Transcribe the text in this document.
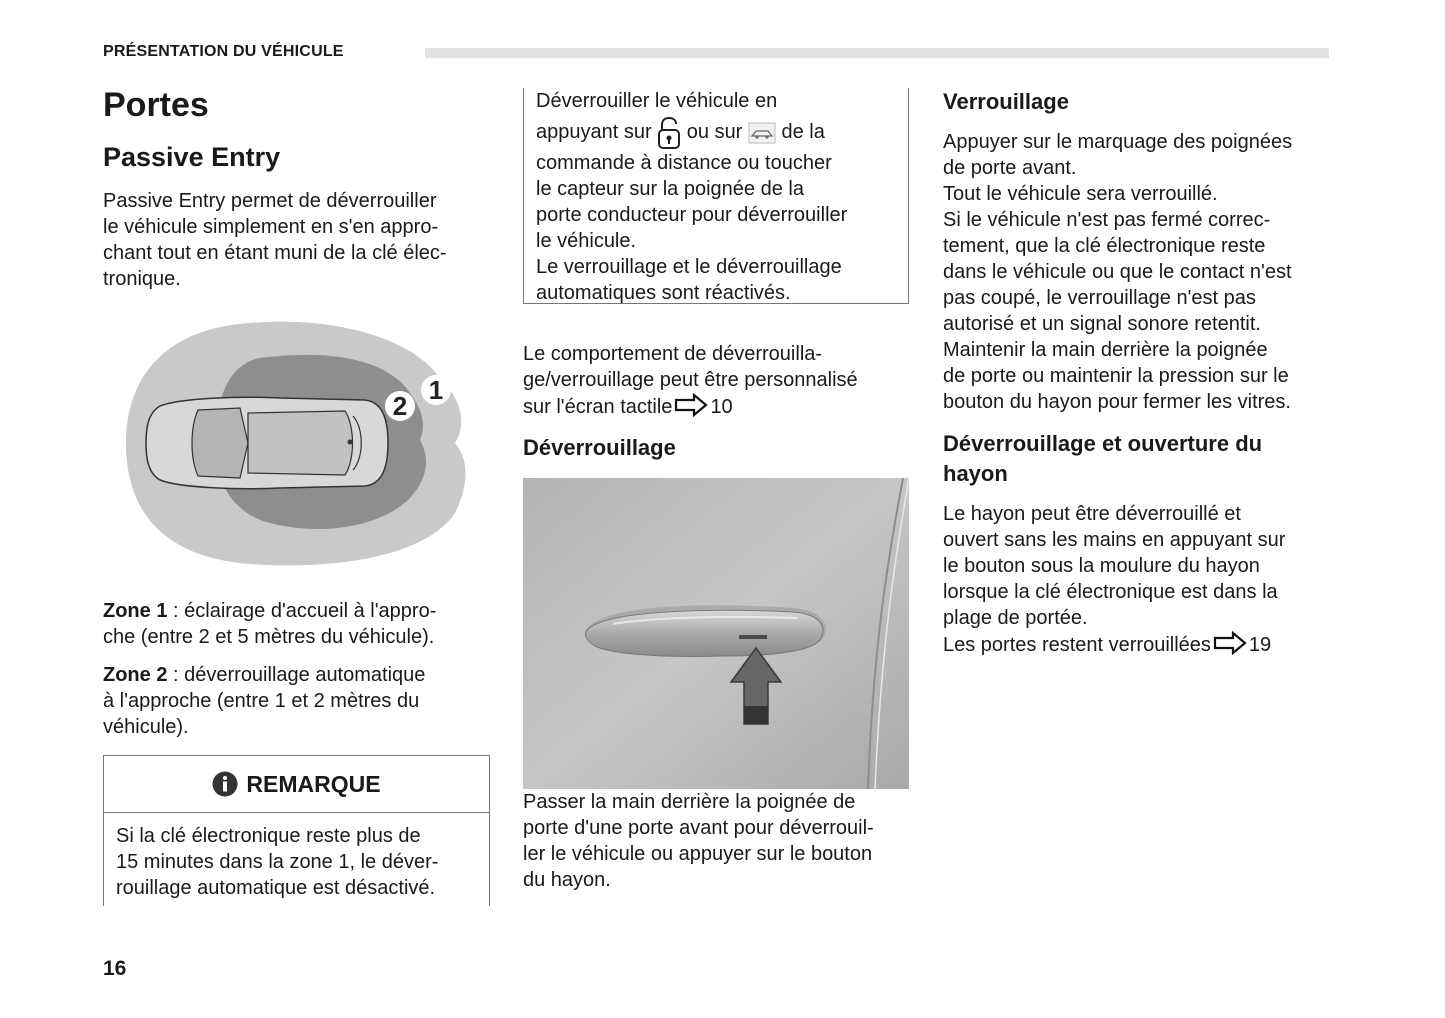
PRÉSENTATION DU VÉHICULE
Portes
Passive Entry

Passive Entry permet de déverrouiller

le véhicule simplement en s'en appro-

chant tout en étant muni de la clé élec-

tronique.

2
1

Zone 1 : éclairage d'accueil à l'appro-

che (entre 2 et 5 mètres du véhicule).

Zone 2 : déverrouillage automatique

à l'approche (entre 1 et 2 mètres du

véhicule).

REMARQUE
Si la clé électronique reste plus de
15 minutes dans la zone 1, le déver-
rouillage automatique est désactivé.

Déverrouiller le véhicule en

appuyant sur  ou sur  de la

commande à distance ou toucher

le capteur sur la poignée de la

porte conducteur pour déverrouiller

le véhicule.

Le verrouillage et le déverrouillage

automatiques sont réactivés.

Le comportement de déverrouilla-

ge/verrouillage peut être personnalisé

sur l'écran tactile 10

Déverrouillage

Passer la main derrière la poignée de

porte d'une porte avant pour déverrouil-

ler le véhicule ou appuyer sur le bouton

du hayon.

Verrouillage

Appuyer sur le marquage des poignées

de porte avant.

Tout le véhicule sera verrouillé.

Si le véhicule n'est pas fermé correc-

tement, que la clé électronique reste

dans le véhicule ou que le contact n'est

pas coupé, le verrouillage n'est pas

autorisé et un signal sonore retentit.

Maintenir la main derrière la poignée

de porte ou maintenir la pression sur le

bouton du hayon pour fermer les vitres.

Déverrouillage et ouverture du
hayon

Le hayon peut être déverrouillé et

ouvert sans les mains en appuyant sur

le bouton sous la moulure du hayon

lorsque la clé électronique est dans la

plage de portée.

Les portes restent verrouillées 19

16
